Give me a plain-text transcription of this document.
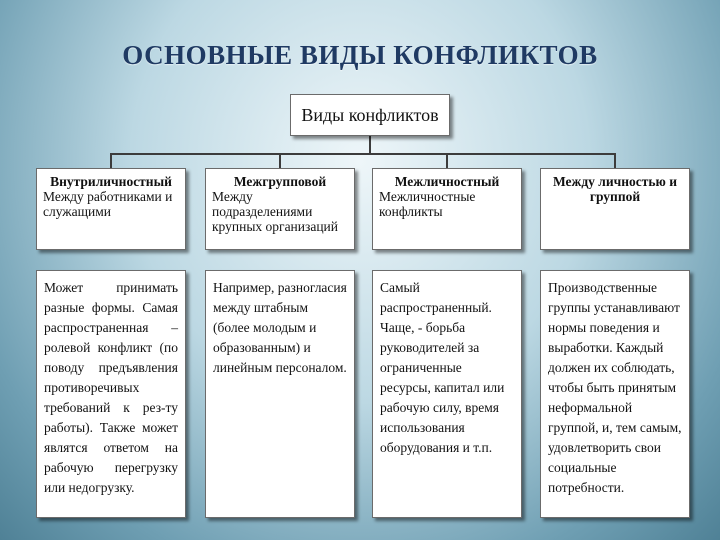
ОСНОВНЫЕ ВИДЫ КОНФЛИКТОВ
Виды конфликтов
Внутриличностный
Между работниками и служащими
Межгрупповой
Между подразделениями крупных организаций
Межличностный
Межличностные конфликты
Между личностью и группой
Может принимать разные формы. Самая распространенная – ролевой конфликт (по поводу предъявления противоречивых требований к рез-ту работы). Также может являтся ответом на рабочую перегрузку или недогрузку.
Например, разногласия между штабным (более молодым и образованным) и линейным персоналом.
Самый распространенный. Чаще, - борьба руководителей за ограниченные ресурсы, капитал или рабочую силу, время использования оборудования и т.п.
Производственные группы устанавливают нормы поведения и выработки. Каждый должен их соблюдать, чтобы быть принятым неформальной группой, и, тем самым, удовлетворить свои социальные потребности.
